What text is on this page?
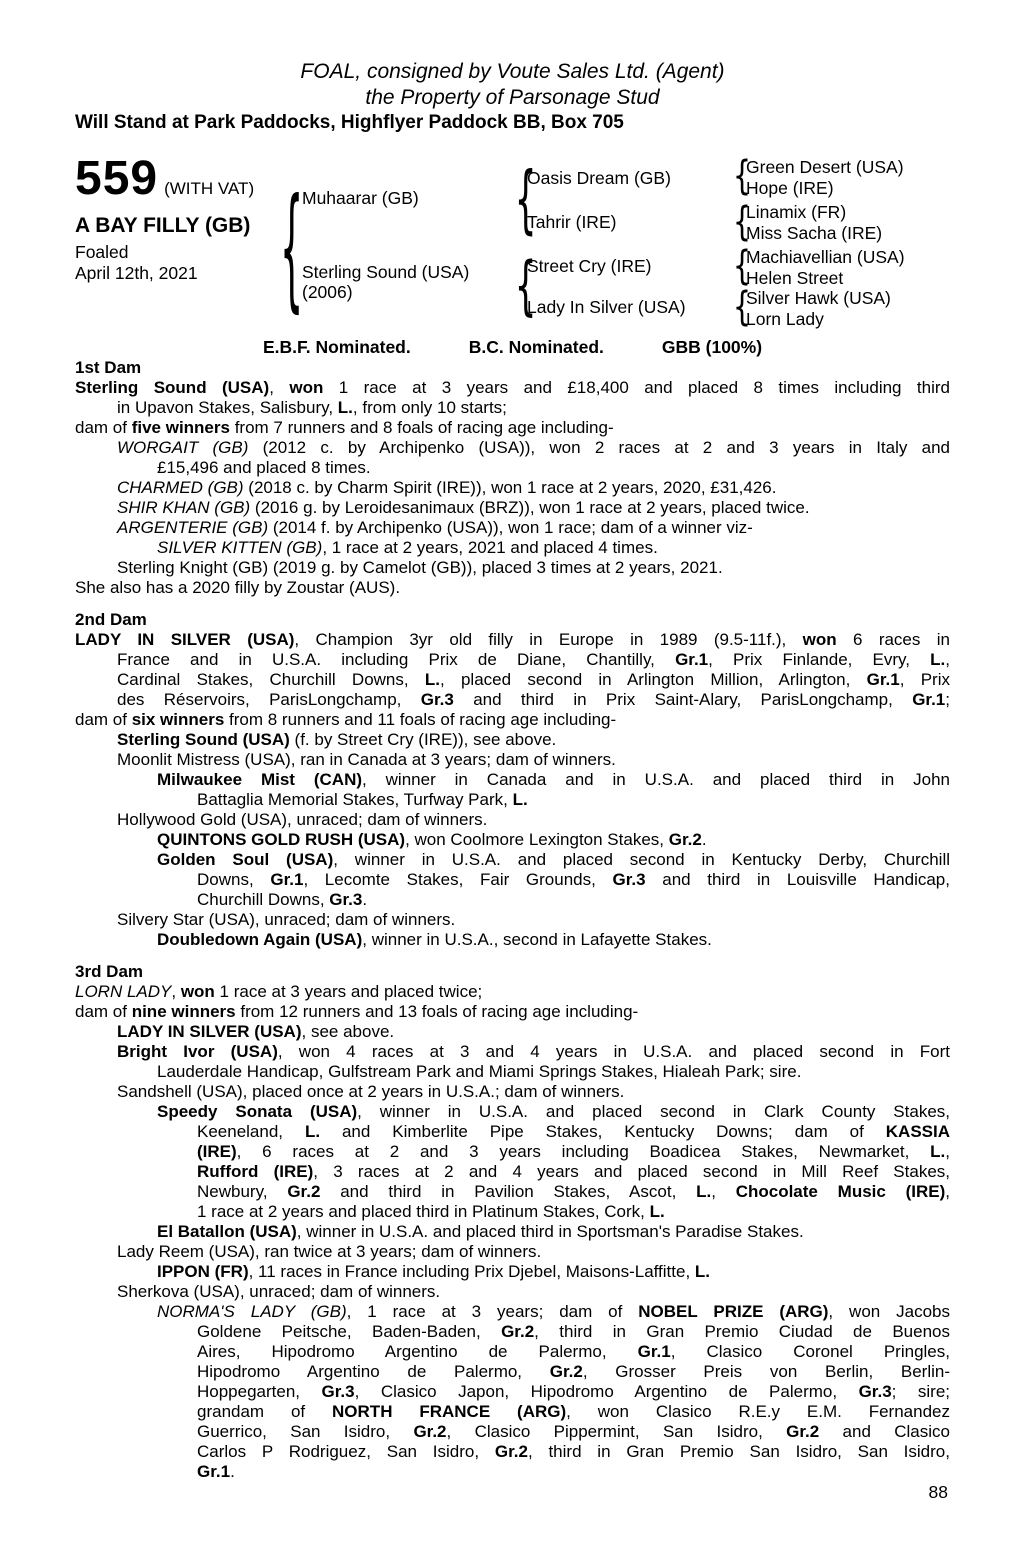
FOAL, consigned by Voute Sales Ltd. (Agent)
the Property of Parsonage Stud
Will Stand at Park Paddocks, Highflyer Paddock BB, Box 705
559 (WITH VAT)
A BAY FILLY (GB)
Foaled
April 12th, 2021 {	{
{
{
{
{
{
Muhaarar (GB)
Sterling Sound (USA)
(2006)
Oasis Dream (GB)
Tahrir (IRE)
Street Cry (IRE)
Lady In Silver (USA)
Green Desert (USA)
Hope (IRE)
Linamix (FR)
Miss Sacha (IRE)
Machiavellian (USA)
Helen Street
Silver Hawk (USA)
Lorn Lady
E.B.F. Nominated.	B.C. Nominated.	GBB (100%)
1st Dam
Sterling Sound (USA), won 1 race at 3 years and £18,400 and placed 8 times including third
in Upavon Stakes, Salisbury, L., from only 10 starts;
dam of five winners from 7 runners and 8 foals of racing age including-
WORGAIT (GB) (2012 c. by Archipenko (USA)), won 2 races at 2 and 3 years in Italy and
£15,496 and placed 8 times.
CHARMED (GB) (2018 c. by Charm Spirit (IRE)), won 1 race at 2 years, 2020, £31,426.
SHIR KHAN (GB) (2016 g. by Leroidesanimaux (BRZ)), won 1 race at 2 years, placed twice.
ARGENTERIE (GB) (2014 f. by Archipenko (USA)), won 1 race; dam of a winner viz-
SILVER KITTEN (GB), 1 race at 2 years, 2021 and placed 4 times.
Sterling Knight (GB) (2019 g. by Camelot (GB)), placed 3 times at 2 years, 2021.
She also has a 2020 filly by Zoustar (AUS).
2nd Dam
LADY IN SILVER (USA), Champion 3yr old filly in Europe in 1989 (9.5-11f.), won 6 races in
France and in U.S.A. including Prix de Diane, Chantilly, Gr.1, Prix Finlande, Evry, L.,
Cardinal Stakes, Churchill Downs, L., placed second in Arlington Million, Arlington, Gr.1, Prix
des Réservoirs, ParisLongchamp, Gr.3 and third in Prix Saint-Alary, ParisLongchamp, Gr.1;
dam of six winners from 8 runners and 11 foals of racing age including-
Sterling Sound (USA) (f. by Street Cry (IRE)), see above.
Moonlit Mistress (USA), ran in Canada at 3 years; dam of winners.
Milwaukee Mist (CAN), winner in Canada and in U.S.A. and placed third in John
Battaglia Memorial Stakes, Turfway Park, L.
Hollywood Gold (USA), unraced; dam of winners.
QUINTONS GOLD RUSH (USA), won Coolmore Lexington Stakes, Gr.2.
Golden Soul (USA), winner in U.S.A. and placed second in Kentucky Derby, Churchill
Downs, Gr.1, Lecomte Stakes, Fair Grounds, Gr.3 and third in Louisville Handicap,
Churchill Downs, Gr.3.
Silvery Star (USA), unraced; dam of winners.
Doubledown Again (USA), winner in U.S.A., second in Lafayette Stakes.
3rd Dam
LORN LADY, won 1 race at 3 years and placed twice;
dam of nine winners from 12 runners and 13 foals of racing age including-
LADY IN SILVER (USA), see above.
Bright Ivor (USA), won 4 races at 3 and 4 years in U.S.A. and placed second in Fort
Lauderdale Handicap, Gulfstream Park and Miami Springs Stakes, Hialeah Park; sire.
Sandshell (USA), placed once at 2 years in U.S.A.; dam of winners.
Speedy Sonata (USA), winner in U.S.A. and placed second in Clark County Stakes,
Keeneland, L. and Kimberlite Pipe Stakes, Kentucky Downs; dam of KASSIA
(IRE), 6 races at 2 and 3 years including Boadicea Stakes, Newmarket, L.,
Rufford (IRE), 3 races at 2 and 4 years and placed second in Mill Reef Stakes,
Newbury, Gr.2 and third in Pavilion Stakes, Ascot, L., Chocolate Music (IRE),
1 race at 2 years and placed third in Platinum Stakes, Cork, L.
El Batallon (USA), winner in U.S.A. and placed third in Sportsman's Paradise Stakes.
Lady Reem (USA), ran twice at 3 years; dam of winners.
IPPON (FR), 11 races in France including Prix Djebel, Maisons-Laffitte, L.
Sherkova (USA), unraced; dam of winners.
NORMA'S LADY (GB), 1 race at 3 years; dam of NOBEL PRIZE (ARG), won Jacobs
Goldene Peitsche, Baden-Baden, Gr.2, third in Gran Premio Ciudad de Buenos
Aires, Hipodromo Argentino de Palermo, Gr.1, Clasico Coronel Pringles,
Hipodromo Argentino de Palermo, Gr.2, Grosser Preis von Berlin, Berlin-
Hoppegarten, Gr.3, Clasico Japon, Hipodromo Argentino de Palermo, Gr.3; sire;
grandam of NORTH FRANCE (ARG), won Clasico R.E.y E.M. Fernandez
Guerrico, San Isidro, Gr.2, Clasico Pippermint, San Isidro, Gr.2 and Clasico
Carlos P Rodriguez, San Isidro, Gr.2, third in Gran Premio San Isidro, San Isidro,
Gr.1.
88
